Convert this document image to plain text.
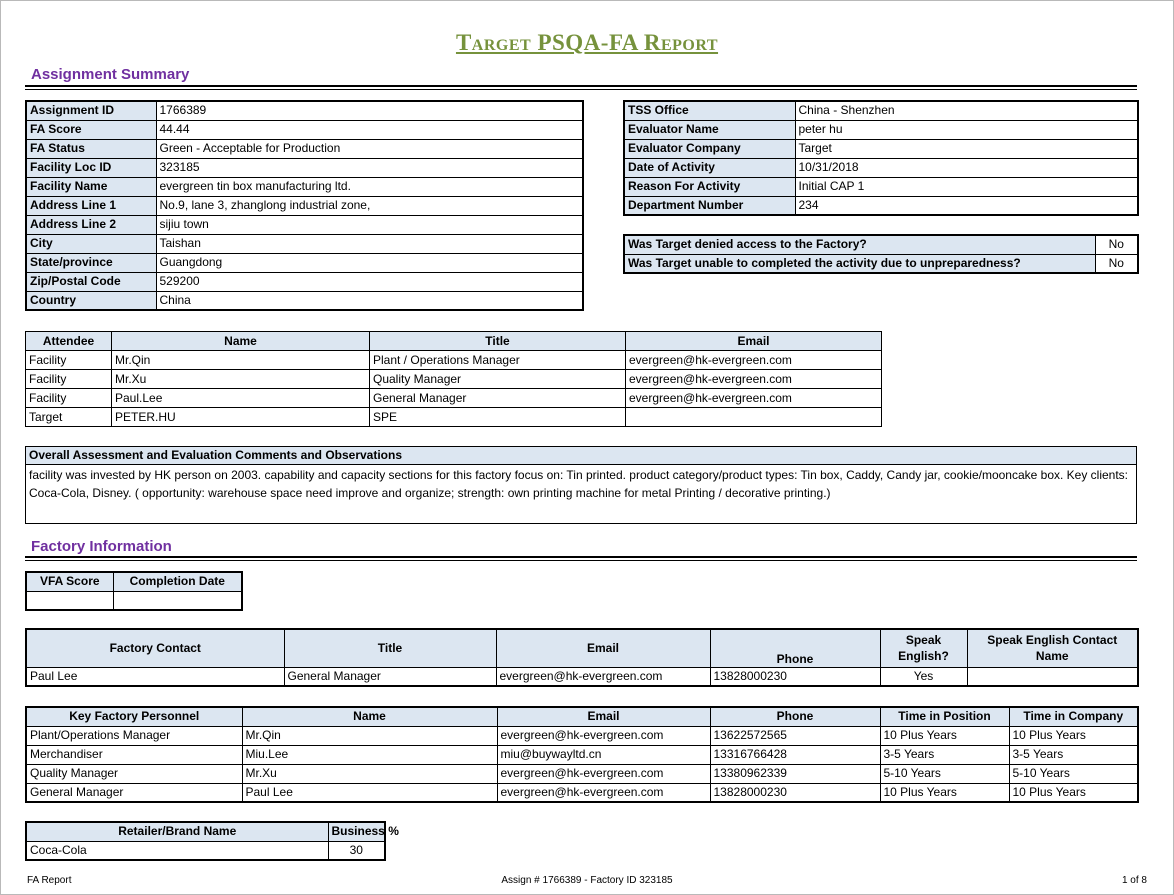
Target PSQA-FA Report
Assignment Summary
Assignment ID	1766389
FA Score	44.44
FA Status	Green - Acceptable for Production
Facility Loc ID	323185
Facility Name	evergreen tin box manufacturing ltd.
Address Line 1	No.9, lane 3, zhanglong industrial zone,
Address Line 2	sijiu town
City	Taishan
State/province	Guangdong
Zip/Postal Code	529200
Country	China
TSS Office	China - Shenzhen
Evaluator Name	peter hu
Evaluator Company	Target
Date of Activity	10/31/2018
Reason For Activity	Initial CAP 1
Department Number	234
Was Target denied access to the Factory?	No
Was Target unable to completed the activity due to unpreparedness?	No
Attendee	Name	Title	Email
Facility	Mr.Qin	Plant / Operations Manager	evergreen@hk-evergreen.com
Facility	Mr.Xu	Quality Manager	evergreen@hk-evergreen.com
Facility	Paul.Lee	General Manager	evergreen@hk-evergreen.com
Target	PETER.HU	SPE	
Overall Assessment and Evaluation Comments and Observations
facility was invested by HK person on 2003. capability and capacity sections for this factory focus on: Tin printed. product category/product types: Tin box, Caddy, Candy jar, cookie/mooncake box. Key clients: Coca-Cola, Disney. ( opportunity: warehouse space need improve and organize; strength: own printing machine for metal Printing / decorative printing.)
Factory Information
VFA Score	Completion Date

Factory Contact	Title	Email	Phone	Speak English?	Speak English Contact Name
Paul Lee	General Manager	evergreen@hk-evergreen.com	13828000230	Yes	
Key Factory Personnel	Name	Email	Phone	Time in Position	Time in Company
Plant/Operations Manager	Mr.Qin	evergreen@hk-evergreen.com	13622572565	10 Plus Years	10 Plus Years
Merchandiser	Miu.Lee	miu@buywayltd.cn	13316766428	3-5 Years	3-5 Years
Quality Manager	Mr.Xu	evergreen@hk-evergreen.com	13380962339	5-10 Years	5-10 Years
General Manager	Paul Lee	evergreen@hk-evergreen.com	13828000230	10 Plus Years	10 Plus Years
Retailer/Brand Name	Business %
Coca-Cola	30
FA Report	Assign # 1766389 - Factory ID 323185	1 of 8
